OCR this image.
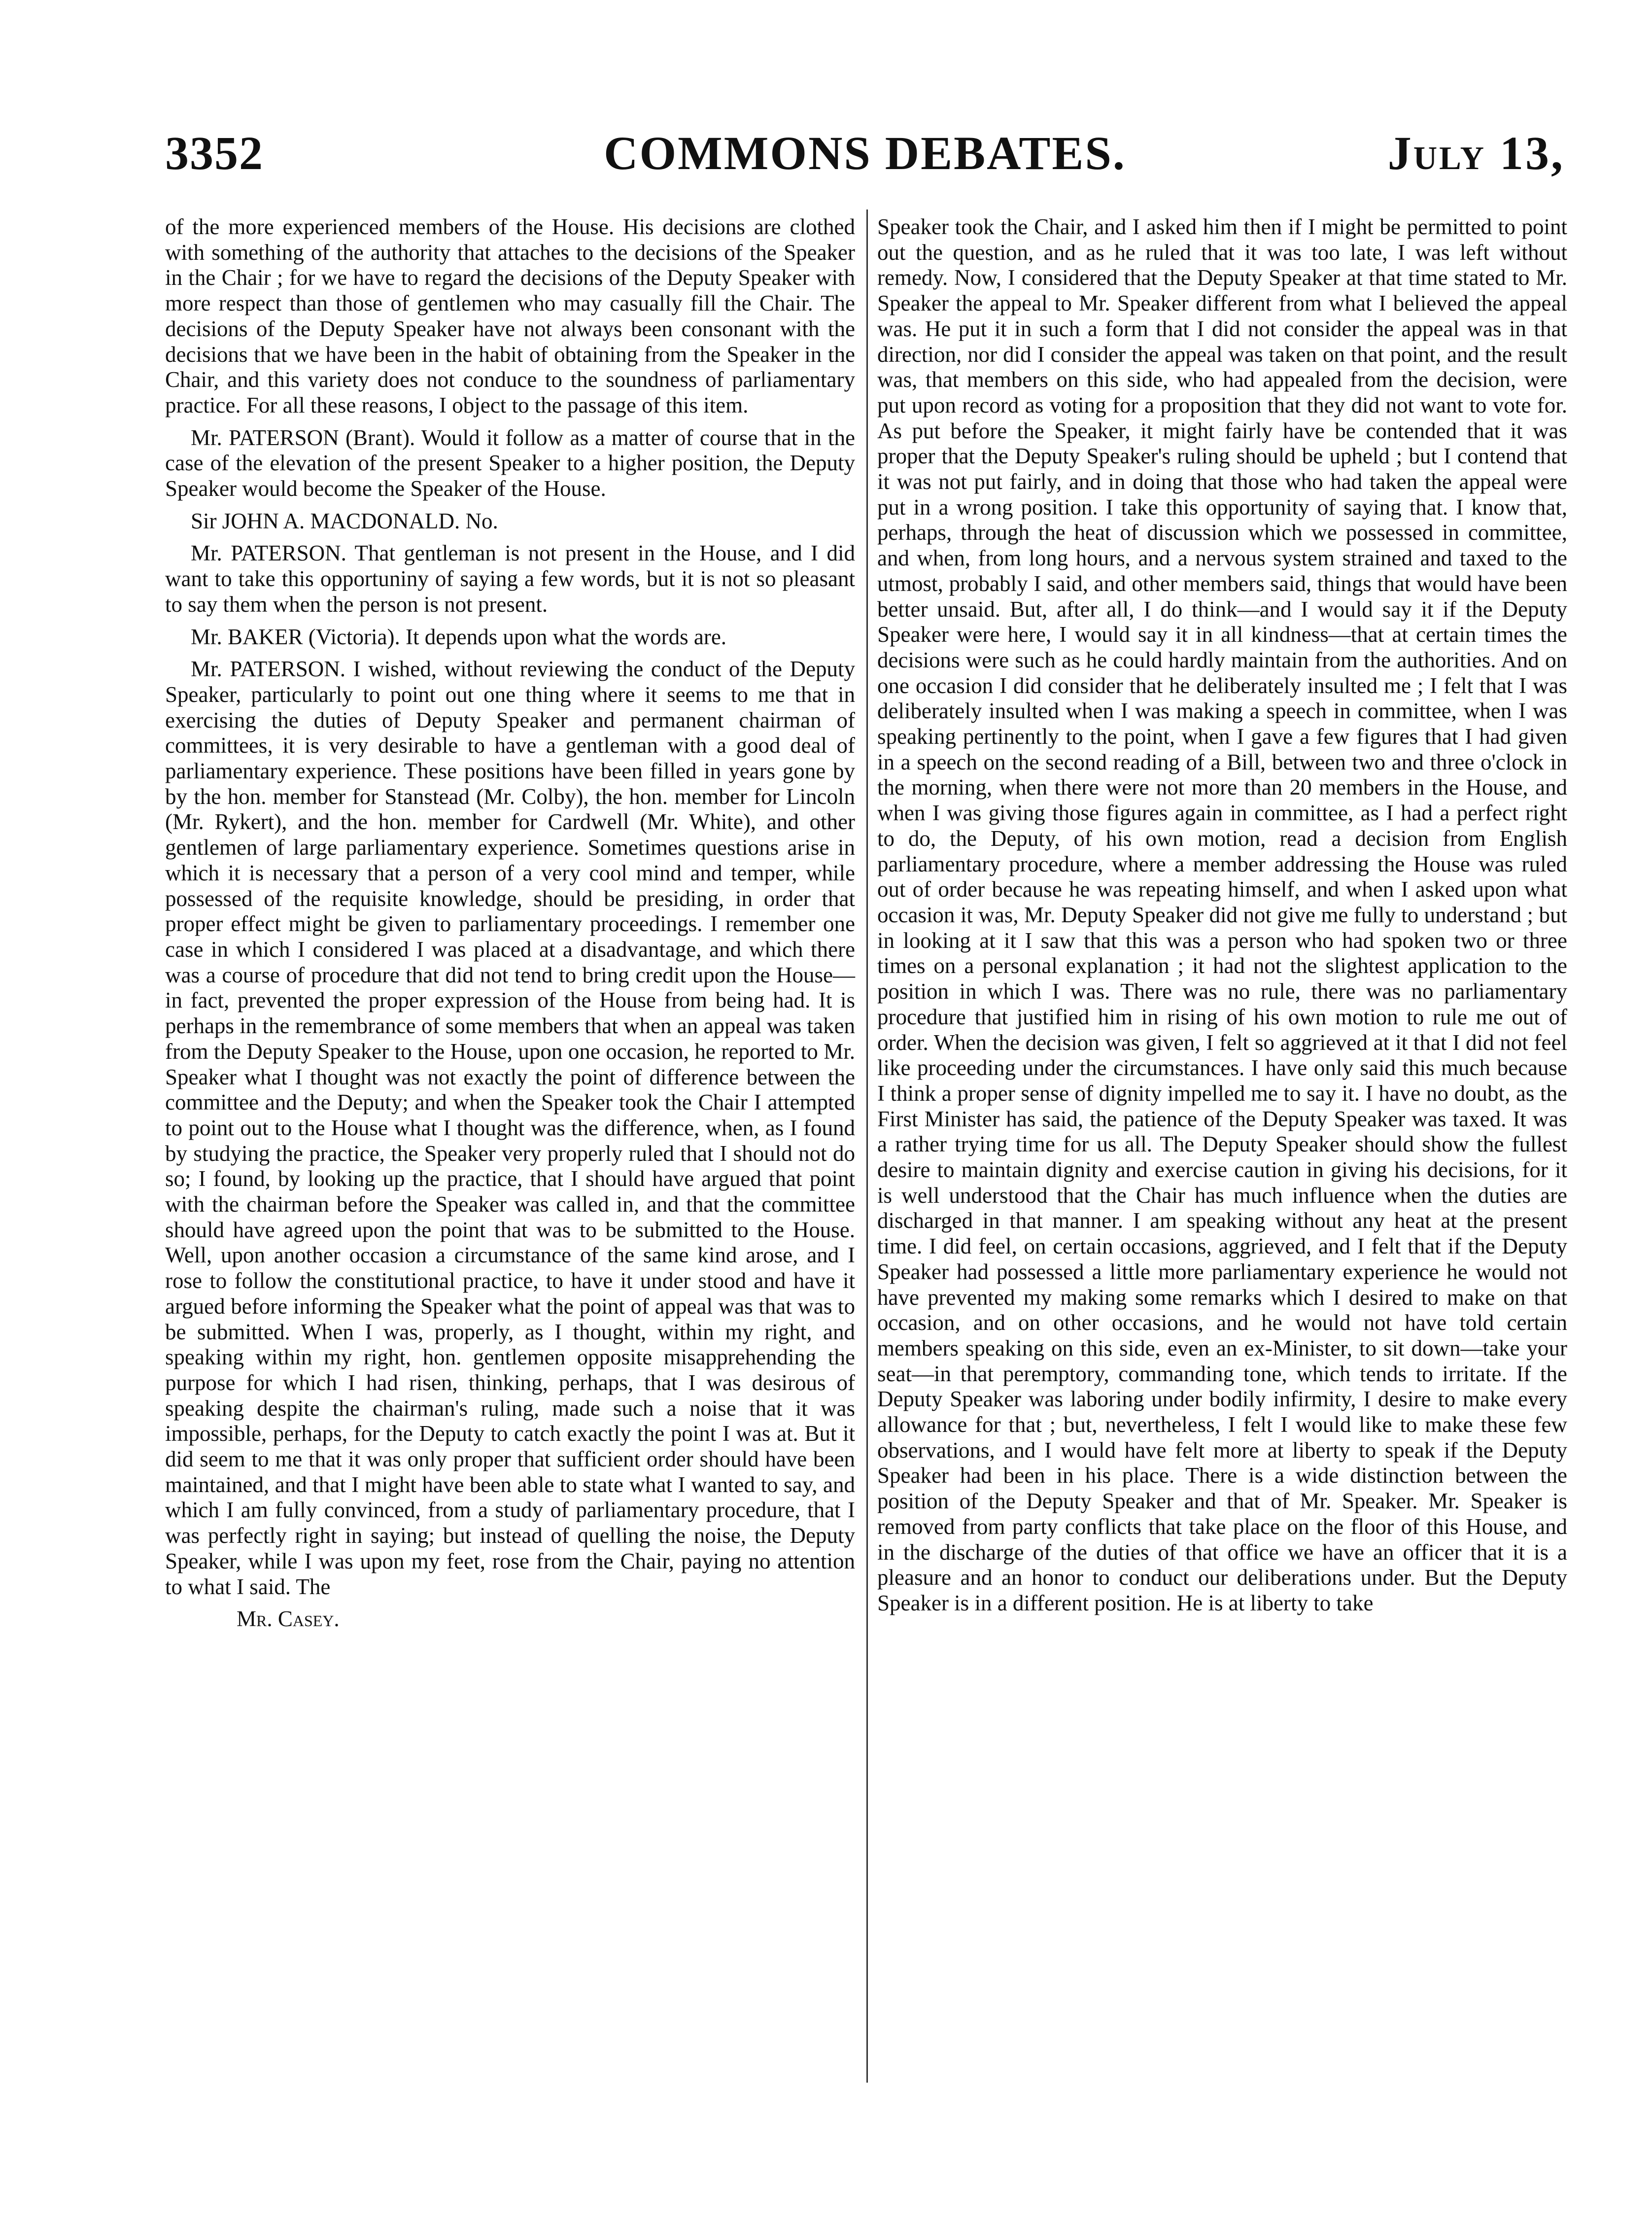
3352	COMMONS DEBATES.	July 13,

of the more experienced members of the House. His decisions are clothed with something of the authority that attaches to the decisions of the Speaker in the Chair ; for we have to regard the decisions of the Deputy Speaker with more respect than those of gentlemen who may casually fill the Chair. The decisions of the Deputy Speaker have not always been consonant with the decisions that we have been in the habit of obtaining from the Speaker in the Chair, and this variety does not conduce to the soundness of parliamentary practice. For all these reasons, I object to the passage of this item.

Mr. PATERSON (Brant). Would it follow as a matter of course that in the case of the elevation of the present Speaker to a higher position, the Deputy Speaker would become the Speaker of the House.

Sir JOHN A. MACDONALD. No.

Mr. PATERSON. That gentleman is not present in the House, and I did want to take this opportuniny of saying a few words, but it is not so pleasant to say them when the person is not present.

Mr. BAKER (Victoria). It depends upon what the words are.

Mr. PATERSON. I wished, without reviewing the conduct of the Deputy Speaker, particularly to point out one thing where it seems to me that in exercising the duties of Deputy Speaker and permanent chairman of committees, it is very desirable to have a gentleman with a good deal of parliamentary experience. These positions have been filled in years gone by by the hon. member for Stanstead (Mr. Colby), the hon. member for Lincoln (Mr. Rykert), and the hon. member for Cardwell (Mr. White), and other gentlemen of large parliamentary experience. Sometimes questions arise in which it is necessary that a person of a very cool mind and temper, while possessed of the requisite knowledge, should be presiding, in order that proper effect might be given to parliamentary proceedings. I remember one case in which I considered I was placed at a disadvantage, and which there was a course of procedure that did not tend to bring credit upon the House—in fact, prevented the proper expression of the House from being had. It is perhaps in the remembrance of some members that when an appeal was taken from the Deputy Speaker to the House, upon one occasion, he reported to Mr. Speaker what I thought was not exactly the point of difference between the committee and the Deputy; and when the Speaker took the Chair I attempted to point out to the House what I thought was the difference, when, as I found by studying the practice, the Speaker very properly ruled that I should not do so; I found, by looking up the practice, that I should have argued that point with the chairman before the Speaker was called in, and that the committee should have agreed upon the point that was to be submitted to the House. Well, upon another occasion a circumstance of the same kind arose, and I rose to follow the constitutional practice, to have it under stood and have it argued before informing the Speaker what the point of appeal was that was to be submitted. When I was, properly, as I thought, within my right, and speaking within my right, hon. gentlemen opposite misapprehending the purpose for which I had risen, thinking, perhaps, that I was desirous of speaking despite the chairman's ruling, made such a noise that it was impossible, perhaps, for the Deputy to catch exactly the point I was at. But it did seem to me that it was only proper that sufficient order should have been maintained, and that I might have been able to state what I wanted to say, and which I am fully convinced, from a study of parliamentary procedure, that I was perfectly right in saying; but instead of quelling the noise, the Deputy Speaker, while I was upon my feet, rose from the Chair, paying no attention to what I said. The

Mr. Casey.

Speaker took the Chair, and I asked him then if I might be permitted to point out the question, and as he ruled that it was too late, I was left without remedy. Now, I considered that the Deputy Speaker at that time stated to Mr. Speaker the appeal to Mr. Speaker different from what I believed the appeal was. He put it in such a form that I did not consider the appeal was in that direction, nor did I consider the appeal was taken on that point, and the result was, that members on this side, who had appealed from the decision, were put upon record as voting for a proposition that they did not want to vote for. As put before the Speaker, it might fairly have be contended that it was proper that the Deputy Speaker's ruling should be upheld ; but I contend that it was not put fairly, and in doing that those who had taken the appeal were put in a wrong position. I take this opportunity of saying that. I know that, perhaps, through the heat of discussion which we possessed in committee, and when, from long hours, and a nervous system strained and taxed to the utmost, probably I said, and other members said, things that would have been better unsaid. But, after all, I do think—and I would say it if the Deputy Speaker were here, I would say it in all kindness—that at certain times the decisions were such as he could hardly maintain from the authorities. And on one occasion I did consider that he deliberately insulted me ; I felt that I was deliberately insulted when I was making a speech in committee, when I was speaking pertinently to the point, when I gave a few figures that I had given in a speech on the second reading of a Bill, between two and three o'clock in the morning, when there were not more than 20 members in the House, and when I was giving those figures again in committee, as I had a perfect right to do, the Deputy, of his own motion, read a decision from English parliamentary procedure, where a member addressing the House was ruled out of order because he was repeating himself, and when I asked upon what occasion it was, Mr. Deputy Speaker did not give me fully to understand ; but in looking at it I saw that this was a person who had spoken two or three times on a personal explanation ; it had not the slightest application to the position in which I was. There was no rule, there was no parliamentary procedure that justified him in rising of his own motion to rule me out of order. When the decision was given, I felt so aggrieved at it that I did not feel like proceeding under the circumstances. I have only said this much because I think a proper sense of dignity impelled me to say it. I have no doubt, as the First Minister has said, the patience of the Deputy Speaker was taxed. It was a rather trying time for us all. The Deputy Speaker should show the fullest desire to maintain dignity and exercise caution in giving his decisions, for it is well understood that the Chair has much influence when the duties are discharged in that manner. I am speaking without any heat at the present time. I did feel, on certain occasions, aggrieved, and I felt that if the Deputy Speaker had possessed a little more parliamentary experience he would not have prevented my making some remarks which I desired to make on that occasion, and on other occasions, and he would not have told certain members speaking on this side, even an ex-Minister, to sit down—take your seat—in that peremptory, commanding tone, which tends to irritate. If the Deputy Speaker was laboring under bodily infirmity, I desire to make every allowance for that ; but, nevertheless, I felt I would like to make these few observations, and I would have felt more at liberty to speak if the Deputy Speaker had been in his place. There is a wide distinction between the position of the Deputy Speaker and that of Mr. Speaker. Mr. Speaker is removed from party conflicts that take place on the floor of this House, and in the discharge of the duties of that office we have an officer that it is a pleasure and an honor to conduct our deliberations under. But the Deputy Speaker is in a different position. He is at liberty to take
